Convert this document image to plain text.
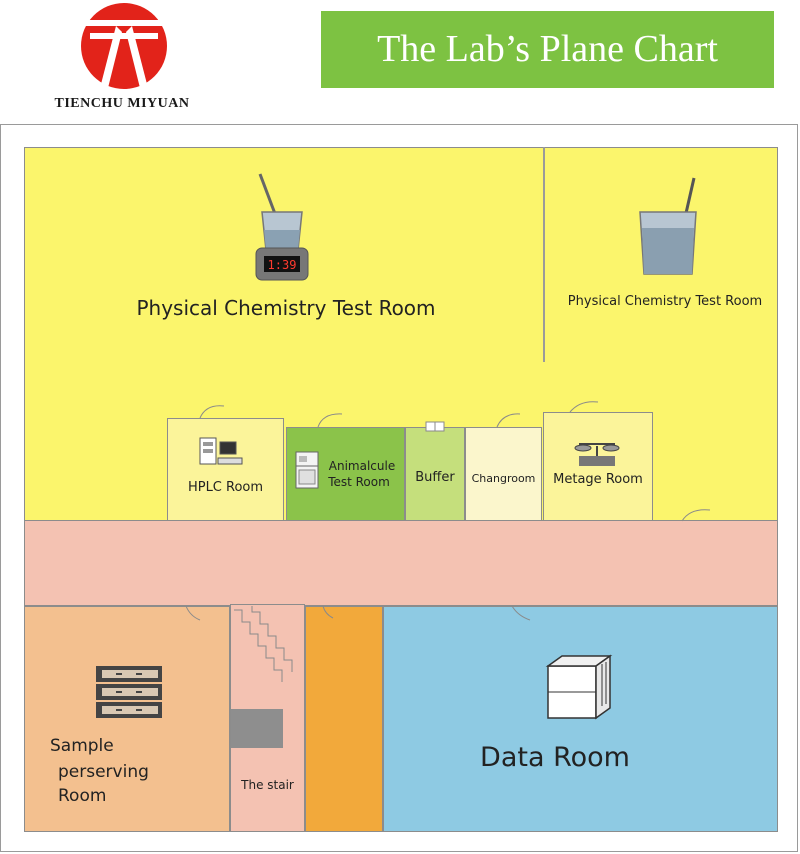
TIENCHU MIYUAN
The Lab’s Plane Chart
1:39
Physical Chemistry Test Room	Physical Chemistry Test Room
HPLC Room
Animalcule
Test Room	Buffer	Changroom	Metage Room
Sample
perserving
Room
The stair
Data Room
